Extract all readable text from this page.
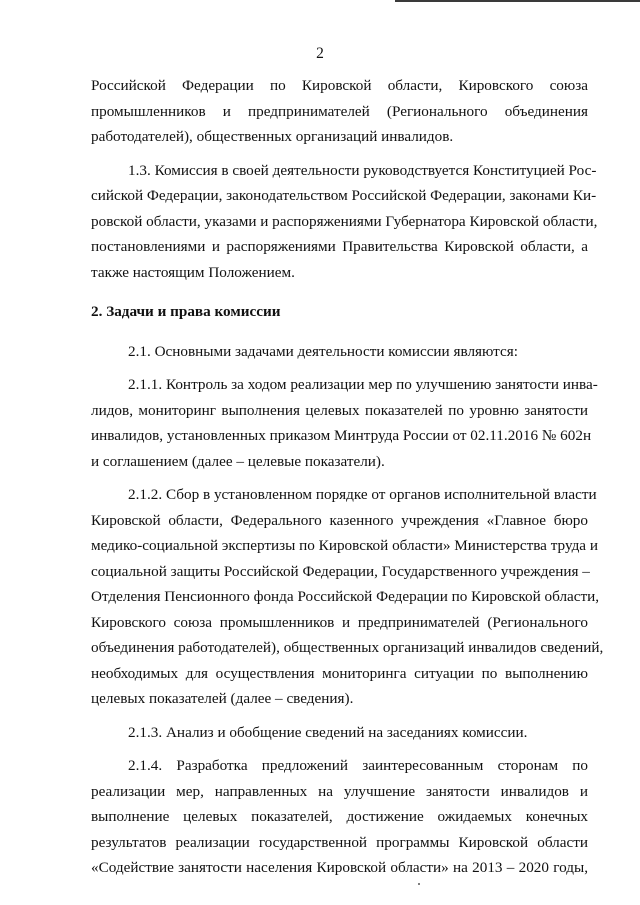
2
Российской Федерации по Кировской области, Кировского союза
промышленников и предпринимателей (Регионального объединения
работодателей), общественных организаций инвалидов.
1.3. Комиссия в своей деятельности руководствуется Конституцией Рос-
сийской Федерации, законодательством Российской Федерации, законами Ки-
ровской области, указами и распоряжениями Губернатора Кировской области,
постановлениями и распоряжениями Правительства Кировской области, а
также настоящим Положением.
2. Задачи и права комиссии
2.1. Основными задачами деятельности комиссии являются:
2.1.1. Контроль за ходом реализации мер по улучшению занятости инва-
лидов, мониторинг выполнения целевых показателей по уровню занятости
инвалидов, установленных приказом Минтруда России от 02.11.2016 № 602н
и соглашением (далее – целевые показатели).
2.1.2. Сбор в установленном порядке от органов исполнительной власти
Кировской области, Федерального казенного учреждения «Главное бюро
медико-социальной экспертизы по Кировской области» Министерства труда и
социальной защиты Российской Федерации, Государственного учреждения –
Отделения Пенсионного фонда Российской Федерации по Кировской области,
Кировского союза промышленников и предпринимателей (Регионального
объединения работодателей), общественных организаций инвалидов сведений,
необходимых для осуществления мониторинга ситуации по выполнению
целевых показателей (далее – сведения).
2.1.3. Анализ и обобщение сведений на заседаниях комиссии.
2.1.4. Разработка предложений заинтересованным сторонам по
реализации мер, направленных на улучшение занятости инвалидов и
выполнение целевых показателей, достижение ожидаемых конечных
результатов реализации государственной программы Кировской области
«Содействие занятости населения Кировской области» на 2013 – 2020 годы,
